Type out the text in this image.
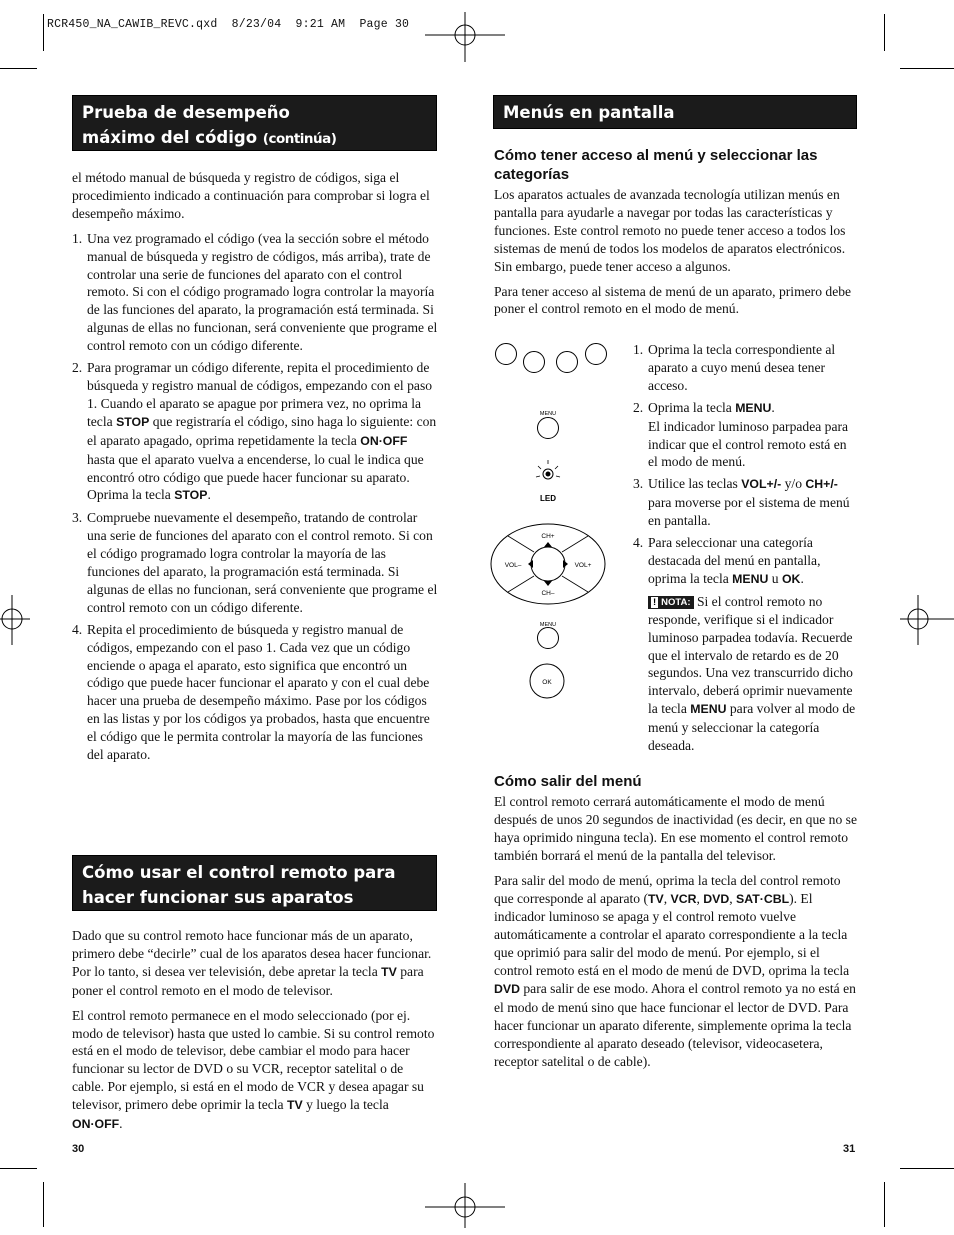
RCR450_NA_CAWIB_REVC.qxd  8/23/04  9:21 AM  Page 30
Prueba de desempeño
máximo del código (continúa)

el método manual de búsqueda y registro de códigos, siga el procedimiento indicado a continuación para comprobar si logra el desempeño máximo.

1. Una vez programado el código (vea la sección sobre el método manual de búsqueda y registro de códigos, más arriba), trate de controlar una serie de funciones del aparato con el control remoto. Si con el código programado logra controlar la mayoría de las funciones del aparato, la programación está terminada. Si algunas de ellas no funcionan, será conveniente que programe el control remoto con un código diferente.
2. Para programar un código diferente, repita el procedimiento de búsqueda y registro manual de códigos, empezando con el paso 1. Cuando el aparato se apague por primera vez, no oprima la tecla STOP que registraría el código, sino haga lo siguiente: con el aparato apagado, oprima repetidamente la tecla ON·OFF hasta que el aparato vuelva a encenderse, lo cual le indica que encontró otro código que puede hacer funcionar su aparato. Oprima la tecla STOP.
3. Compruebe nuevamente el desempeño, tratando de controlar una serie de funciones del aparato con el control remoto. Si con el código programado logra controlar la mayoría de las funciones del aparato, la programación está terminada. Si algunas de ellas no funcionan, será conveniente que programe el control remoto con un código diferente.
4. Repita el procedimiento de búsqueda y registro manual de códigos, empezando con el paso 1. Cada vez que un código enciende o apaga el aparato, esto significa que encontró un código que puede hacer funcionar el aparato y con el cual debe hacer una prueba de desempeño máximo. Pase por los códigos en las listas y por los códigos ya probados, hasta que encuentre el código que le permita controlar la mayoría de las funciones del aparato.
Cómo usar el control remoto para
hacer funcionar sus aparatos

Dado que su control remoto hace funcionar más de un aparato, primero debe “decirle” cual de los aparatos desea hacer funcionar. Por lo tanto, si desea ver televisión, debe apretar la tecla TV para poner el control remoto en el modo de televisor.

El control remoto permanece en el modo seleccionado (por ej. modo de televisor) hasta que usted lo cambie. Si su control remoto está en el modo de televisor, debe cambiar el modo para hacer funcionar su lector de DVD o su VCR, receptor satelital o de cable. Por ejemplo, si está en el modo de VCR y desea apagar su televisor, primero debe oprimir la tecla TV y luego la tecla ON·OFF.

30
Menús en pantalla
Cómo tener acceso al menú y seleccionar las categorías

Los aparatos actuales de avanzada tecnología utilizan menús en pantalla para ayudarle a navegar por todas las características y funciones. Este control remoto no puede tener acceso a todos los sistemas de menú de todos los modelos de aparatos electrónicos. Sin embargo, puede tener acceso a algunos.

Para tener acceso al sistema de menú de un aparato, primero debe poner el control remoto en el modo de menú.

MENU
LED
CH+
CH–
VOL–	VOL+
MENU
OK
1. Oprima la tecla correspondiente al aparato a cuyo menú desea tener acceso.
2. Oprima la tecla MENU.
El indicador luminoso parpadea para indicar que el control remoto está en el modo de menú.
3. Utilice las teclas VOL+/- y/o CH+/- para moverse por el sistema de menú en pantalla.
4. Para seleccionar una categoría destacada del menú en pantalla, oprima la tecla MENU u OK.
! NOTA: Si el control remoto no responde, verifique si el indicador luminoso parpadea todavía. Recuerde que el intervalo de retardo es de 20 segundos. Una vez transcurrido dicho intervalo, deberá oprimir nuevamente la tecla MENU para volver al modo de menú y seleccionar la categoría deseada.
Cómo salir del menú

El control remoto cerrará automáticamente el modo de menú después de unos 20 segundos de inactividad (es decir, en que no se haya oprimido ninguna tecla). En ese momento el control remoto también borrará el menú de la pantalla del televisor.

Para salir del modo de menú, oprima la tecla del control remoto que corresponde al aparato (TV, VCR, DVD, SAT·CBL). El indicador luminoso se apaga y el control remoto vuelve automáticamente a controlar el aparato correspondiente a la tecla que oprimió para salir del modo de menú. Por ejemplo, si el control remoto está en el modo de menú de DVD, oprima la tecla DVD para salir de ese modo. Ahora el control remoto ya no está en el modo de menú sino que hace funcionar el lector de DVD. Para hacer funcionar un aparato diferente, simplemente oprima la tecla correspondiente al aparato deseado (televisor, videocasetera, receptor satelital o de cable).

31
